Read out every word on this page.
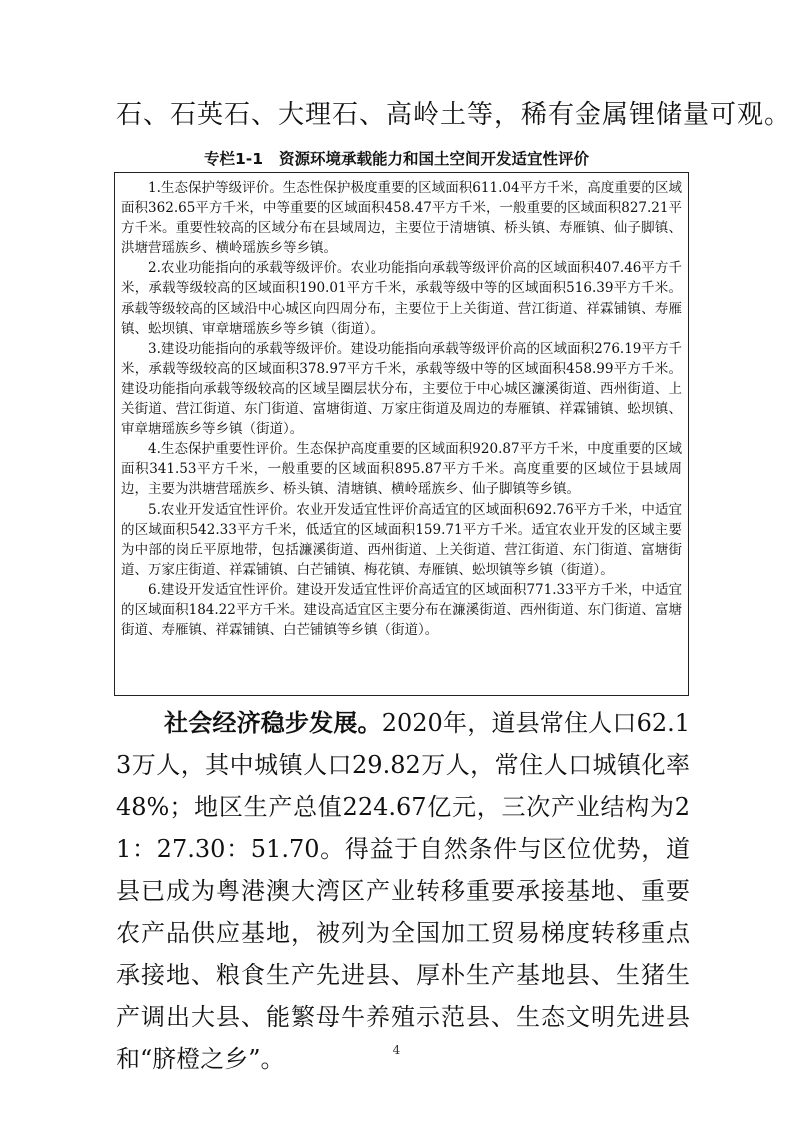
石、石英石、大理石、高岭土等，稀有金属锂储量可观。
专栏1-1 资源环境承载能力和国土空间开发适宜性评价

1.生态保护等级评价。生态性保护极度重要的区域面积611.04平方千米，高度重要的区域面积362.65平方千米，中等重要的区域面积458.47平方千米，一般重要的区域面积827.21平方千米。重要性较高的区域分布在县域周边，主要位于清塘镇、桥头镇、寿雁镇、仙子脚镇、洪塘营瑶族乡、横岭瑶族乡等乡镇。

2.农业功能指向的承载等级评价。农业功能指向承载等级评价高的区域面积407.46平方千米，承载等级较高的区域面积190.01平方千米，承载等级中等的区域面积516.39平方千米。承载等级较高的区域沿中心城区向四周分布，主要位于上关街道、营江街道、祥霖铺镇、寿雁镇、蚣坝镇、审章塘瑶族乡等乡镇（街道）。

3.建设功能指向的承载等级评价。建设功能指向承载等级评价高的区域面积276.19平方千米，承载等级较高的区域面积378.97平方千米，承载等级中等的区域面积458.99平方千米。建设功能指向承载等级较高的区域呈圈层状分布，主要位于中心城区濂溪街道、西州街道、上关街道、营江街道、东门街道、富塘街道、万家庄街道及周边的寿雁镇、祥霖铺镇、蚣坝镇、审章塘瑶族乡等乡镇（街道）。

4.生态保护重要性评价。生态保护高度重要的区域面积920.87平方千米，中度重要的区域面积341.53平方千米，一般重要的区域面积895.87平方千米。高度重要的区域位于县域周边，主要为洪塘营瑶族乡、桥头镇、清塘镇、横岭瑶族乡、仙子脚镇等乡镇。

5.农业开发适宜性评价。农业开发适宜性评价高适宜的区域面积692.76平方千米，中适宜的区域面积542.33平方千米，低适宜的区域面积159.71平方千米。适宜农业开发的区域主要为中部的岗丘平原地带，包括濂溪街道、西州街道、上关街道、营江街道、东门街道、富塘街道、万家庄街道、祥霖铺镇、白芒铺镇、梅花镇、寿雁镇、蚣坝镇等乡镇（街道）。

6.建设开发适宜性评价。建设开发适宜性评价高适宜的区域面积771.33平方千米，中适宜的区域面积184.22平方千米。建设高适宜区主要分布在濂溪街道、西州街道、东门街道、富塘街道、寿雁镇、祥霖铺镇、白芒铺镇等乡镇（街道）。

社会经济稳步发展。2020年，道县常住人口62.13万人，其中城镇人口29.82万人，常住人口城镇化率48%；地区生产总值224.67亿元，三次产业结构为21：27.30：51.70。得益于自然条件与区位优势，道县已成为粤港澳大湾区产业转移重要承接基地、重要农产品供应基地，被列为全国加工贸易梯度转移重点承接地、粮食生产先进县、厚朴生产基地县、生猪生产调出大县、能繁母牛养殖示范县、生态文明先进县和“脐橙之乡”。	4
